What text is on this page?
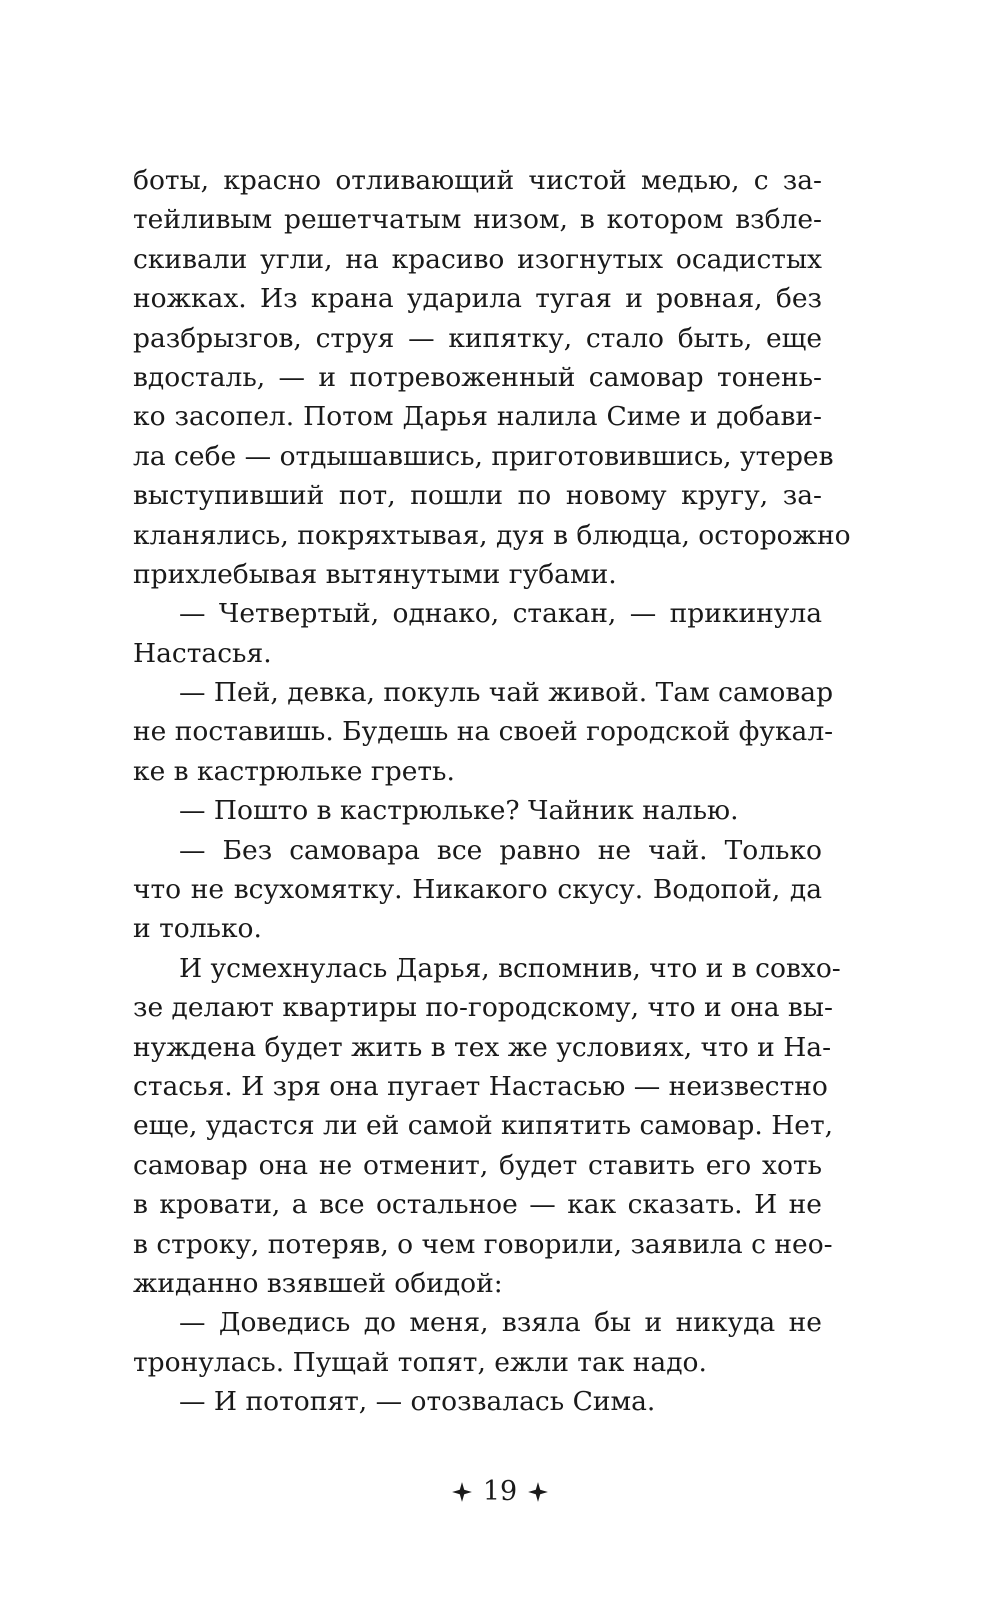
боты, красно отливающий чистой медью, с за-
тейливым решетчатым низом, в котором взбле-
скивали угли, на красиво изогнутых осадистых
ножках. Из крана ударила тугая и ровная, без
разбрызгов, струя — кипятку, стало быть, еще
вдосталь, — и потревоженный самовар тонень-
ко засопел. Потом Дарья налила Симе и добави-
ла себе — отдышавшись, приготовившись, утерев
выступивший пот, пошли по новому кругу, за-
кланялись, покряхтывая, дуя в блюдца, осторожно
прихлебывая вытянутыми губами.
— Четвертый, однако, стакан, — прикинула
Настасья.
— Пей, девка, покуль чай живой. Там самовар
не поставишь. Будешь на своей городской фукал-
ке в кастрюльке греть.
— Пошто в кастрюльке? Чайник налью.
— Без самовара все равно не чай. Только
что не всухомятку. Никакого скусу. Водопой, да
и только.
И усмехнулась Дарья, вспомнив, что и в совхо-
зе делают квартиры по-городскому, что и она вы-
нуждена будет жить в тех же условиях, что и На-
стасья. И зря она пугает Настасью — неизвестно
еще, удастся ли ей самой кипятить самовар. Нет,
самовар она не отменит, будет ставить его хоть
в кровати, а все остальное — как сказать. И не
в строку, потеряв, о чем говорили, заявила с нео-
жиданно взявшей обидой:
— Доведись до меня, взяла бы и никуда не
тронулась. Пущай топят, ежли так надо.
— И потопят, — отозвалась Сима.
19
